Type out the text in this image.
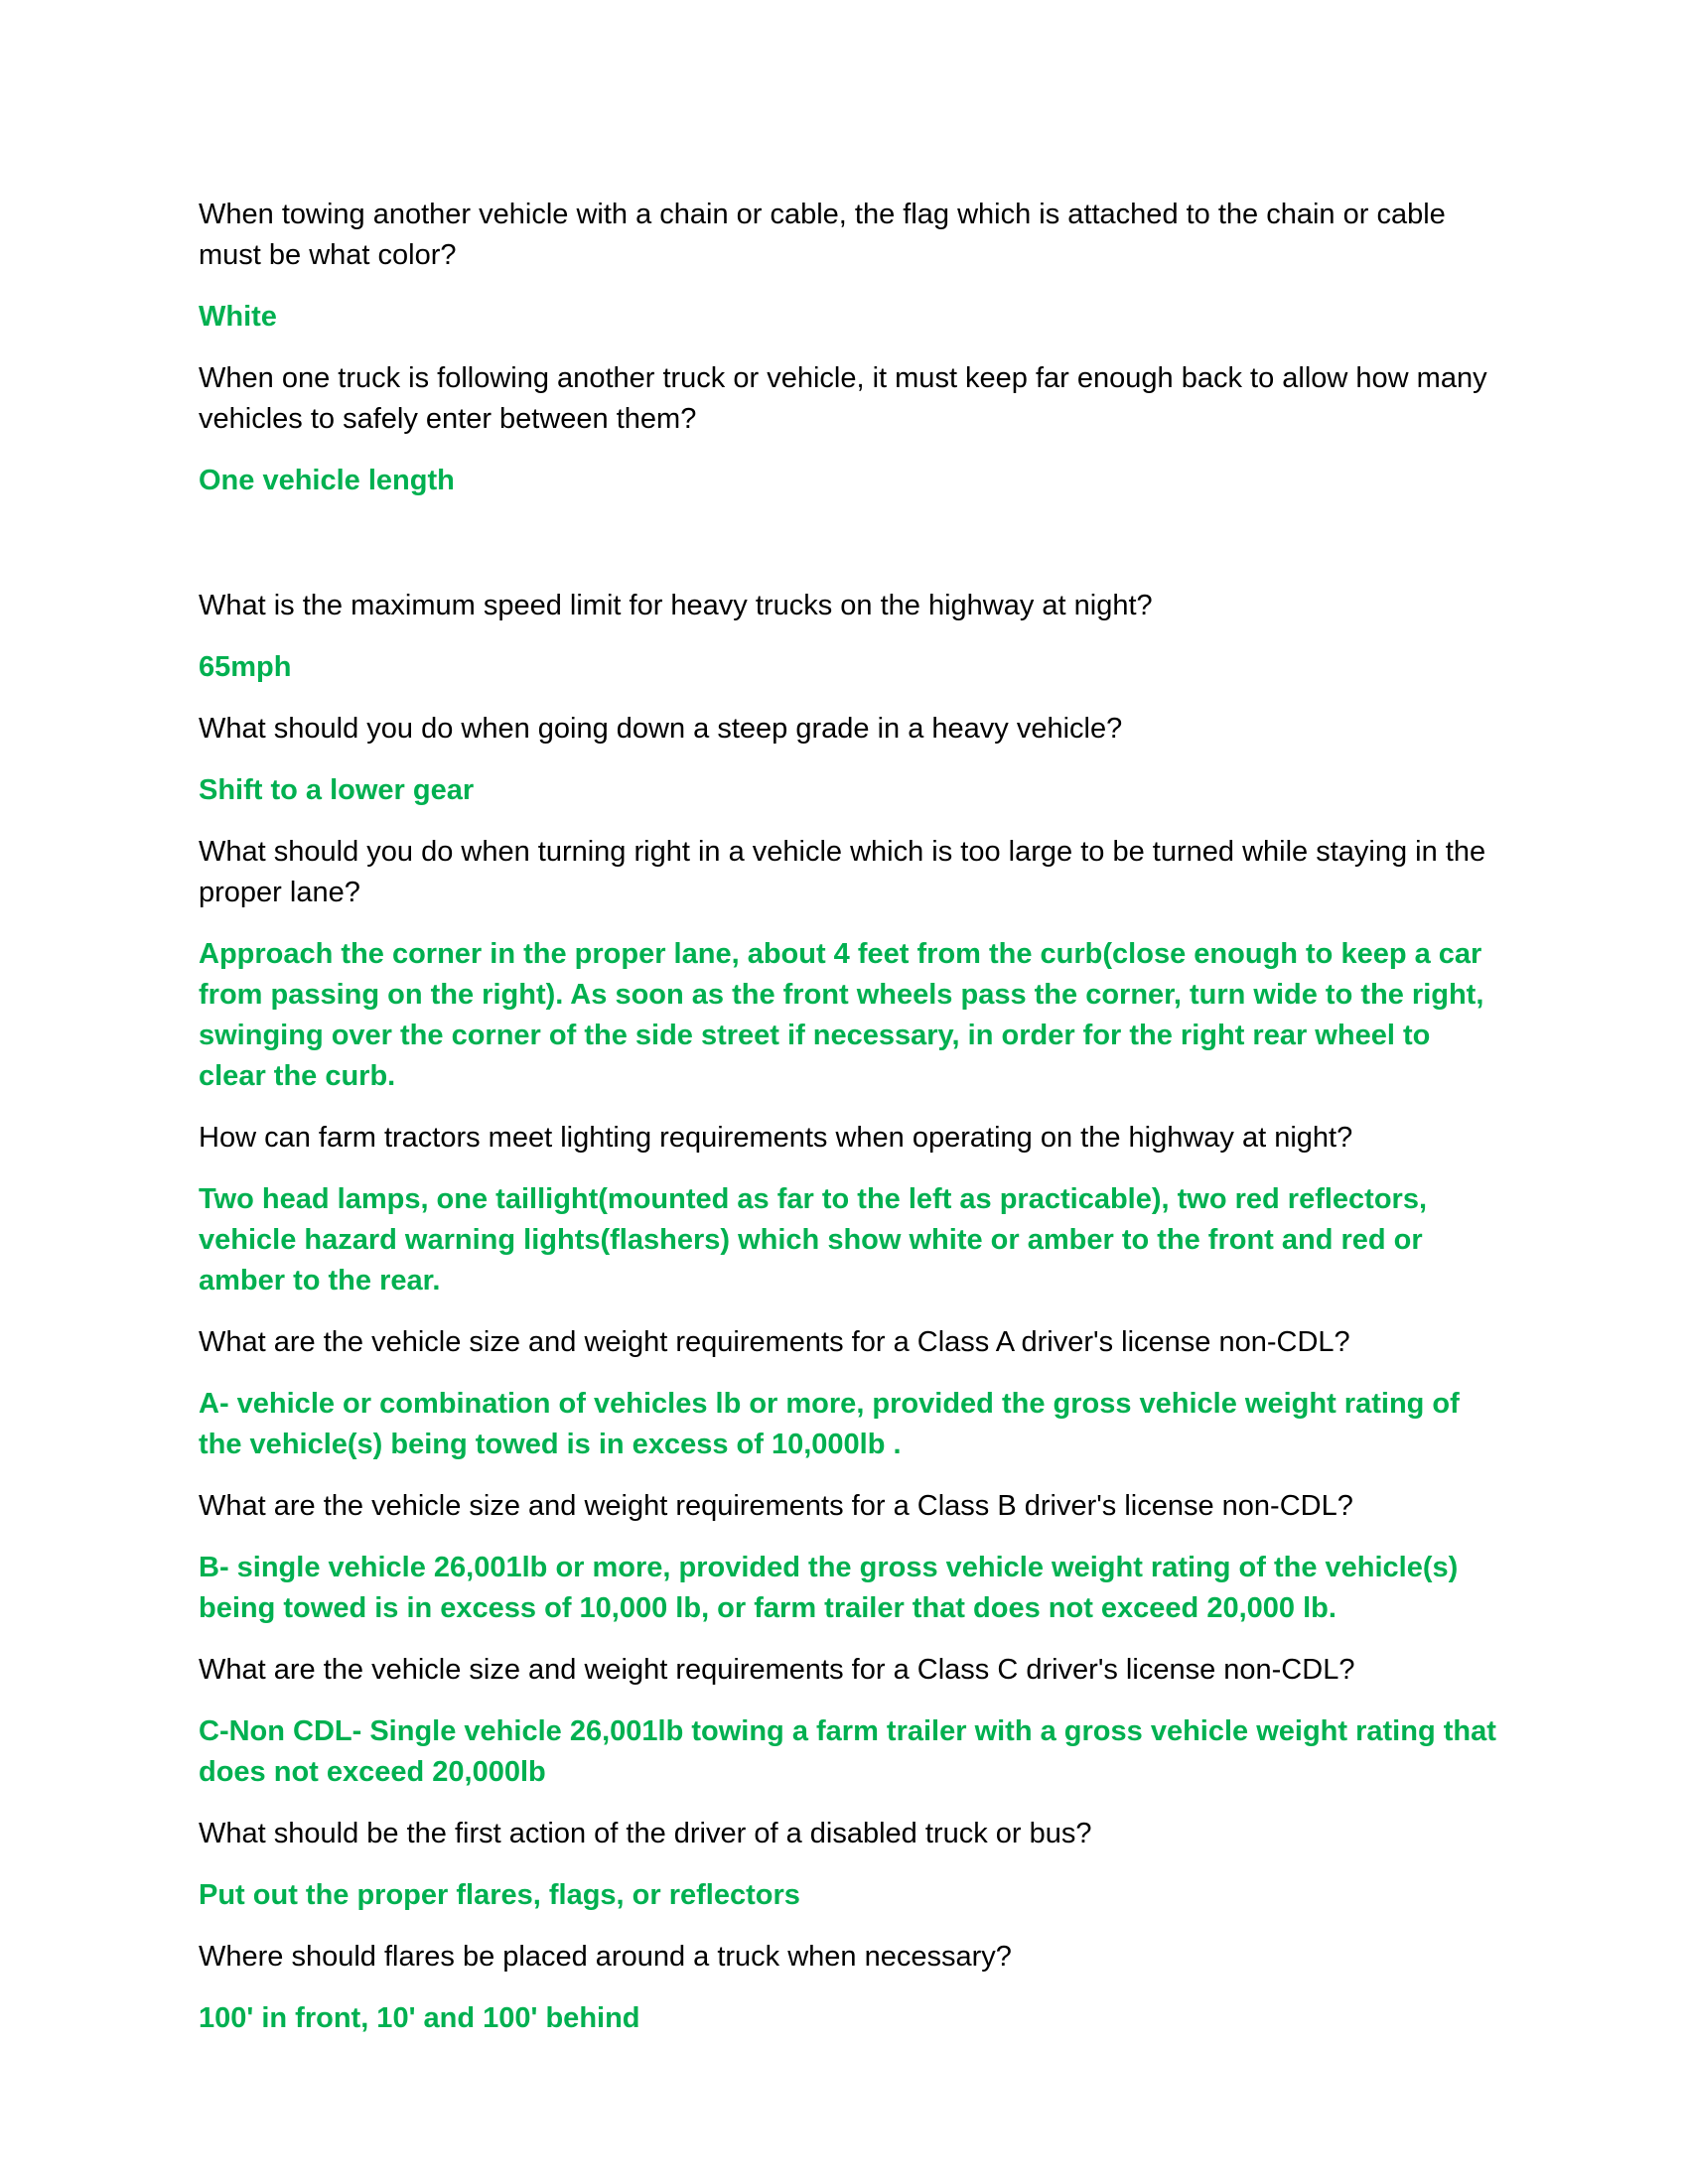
When towing another vehicle with a chain or cable, the flag which is attached to the chain or cable must be what color?

White

When one truck is following another truck or vehicle, it must keep far enough back to allow how many vehicles to safely enter between them?

One vehicle length

What is the maximum speed limit for heavy trucks on the highway at night?

65mph

What should you do when going down a steep grade in a heavy vehicle?

Shift to a lower gear

What should you do when turning right in a vehicle which is too large to be turned while staying in the proper lane?

Approach the corner in the proper lane, about 4 feet from the curb(close enough to keep a car from passing on the right). As soon as the front wheels pass the corner, turn wide to the right, swinging over the corner of the side street if necessary, in order for the right rear wheel to clear the curb.

How can farm tractors meet lighting requirements when operating on the highway at night?

Two head lamps, one taillight(mounted as far to the left as practicable), two red reflectors, vehicle hazard warning lights(flashers) which show white or amber to the front and red or amber to the rear.

What are the vehicle size and weight requirements for a Class A driver's license non-CDL?

A- vehicle or combination of vehicles lb or more, provided the gross vehicle weight rating of the vehicle(s) being towed is in excess of 10,000lb .

What are the vehicle size and weight requirements for a Class B driver's license non-CDL?

B- single vehicle 26,001lb or more, provided the gross vehicle weight rating of the vehicle(s) being towed is in excess of 10,000 lb, or farm trailer that does not exceed 20,000 lb.

What are the vehicle size and weight requirements for a Class C driver's license non-CDL?

C-Non CDL- Single vehicle 26,001lb towing a farm trailer with a gross vehicle weight rating that does not exceed 20,000lb

What should be the first action of the driver of a disabled truck or bus?

Put out the proper flares, flags, or reflectors

Where should flares be placed around a truck when necessary?

100' in front, 10' and 100' behind
